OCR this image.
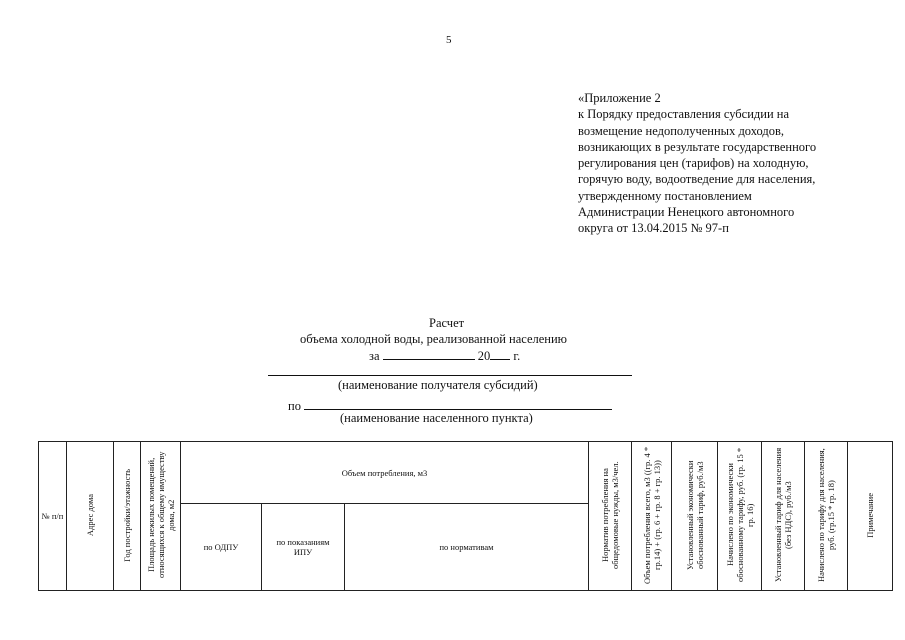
5
«Приложение 2
к Порядку предоставления субсидии на
возмещение недополученных доходов,
возникающих в результате государственного
регулирования цен (тарифов) на холодную,
горячую воду, водоотведение для населения,
утвержденному постановлением
Администрации Ненецкого автономного
округа от 13.04.2015 № 97-п
Расчет
объема холодной воды, реализованной населению
за	20 г.
(наименование получателя субсидий)
по
(наименование населенного пункта)
№ п/п	Адрес дома	Год постройки/этажность	Площадь нежилых помещений, относящихся к общему имуществу дома, м2	Объем потребления, м3			Норматив потребления на общедомовые нужды, м3/чел.	Объем потребления всего, м3 ((гр. 4 * гр.14) + (гр. 6 + гр. 8 + гр. 13))	Установленный экономически обоснованный тариф, руб./м3	Начислено по экономически обоснованному тарифу, руб. (гр. 15 * гр. 16)	Установленный тариф для населения (без НДС), руб./м3	Начислено по тарифу для населения, руб. (гр.15 * гр. 18)	Примечание
				по ОДПУ	по показаниям ИПУ	по нормативам							
